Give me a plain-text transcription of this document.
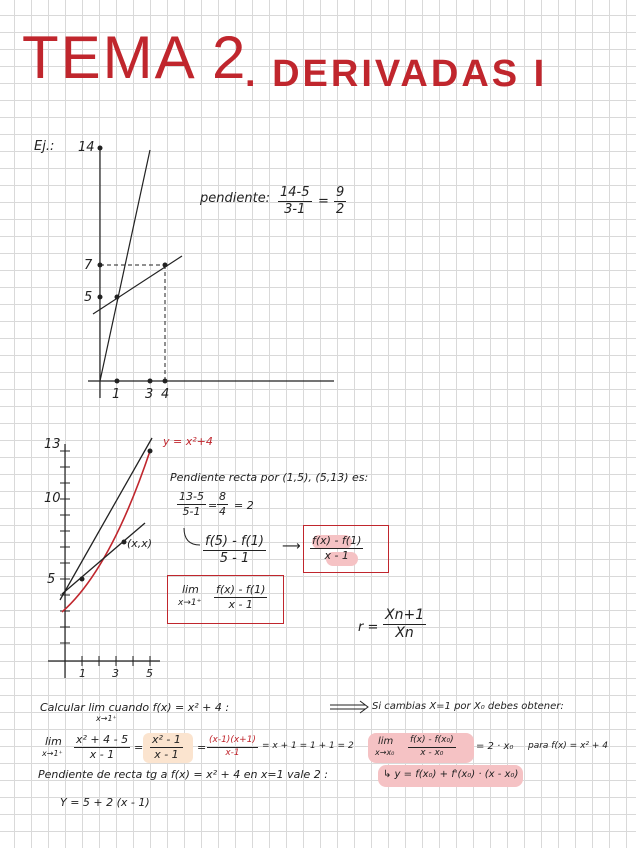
TEMA 2
. DERIVADAS I
Ej.: 14
7
5
1 3 4
pendiente: $\frac{14-5}{3-1} = \frac{9}{2}$
13
10
5
1 3 5
y = x²+4
(x,x)
Pendiente recta por (1,5), (5,13) es:
$\frac{13-5}{5-1} = \frac{8}{4} = 2$
$\frac{f(5) - f(1)}{5 - 1}$ ⟶ $\frac{f(x) - f(1)}{x - 1}$
lim
$x\to 1^+ \frac{f(x) - f(1)}{x - 1}$
$r = \frac{Xn+1}{Xn}$
Calcular lim cuando f(x) = x² + 4 :
x→1⁺
lim
$x\to 1^+ \frac{\text{x² + 4 - 5}}{x - 1} = \frac{\text{x² - 1}}{x - 1} = \frac{(x-1)(x+1)}{x-1} = x + 1 = 1 + 1 = 2$
Pendiente de recta tg a f(x) = x² + 4 en x=1 vale 2 :
Y = 5 + 2 (x - 1)
Si cambias X=1 por X₀ debes obtener:
lim
$x\to x_0 \frac{\text{f(x) - f(x₀)}}{\text{x - x₀}} = 2 \cdot x_0$ para f(x) = x² + 4
↳ y = f(x₀) + f'(x₀) · (x - x₀)
